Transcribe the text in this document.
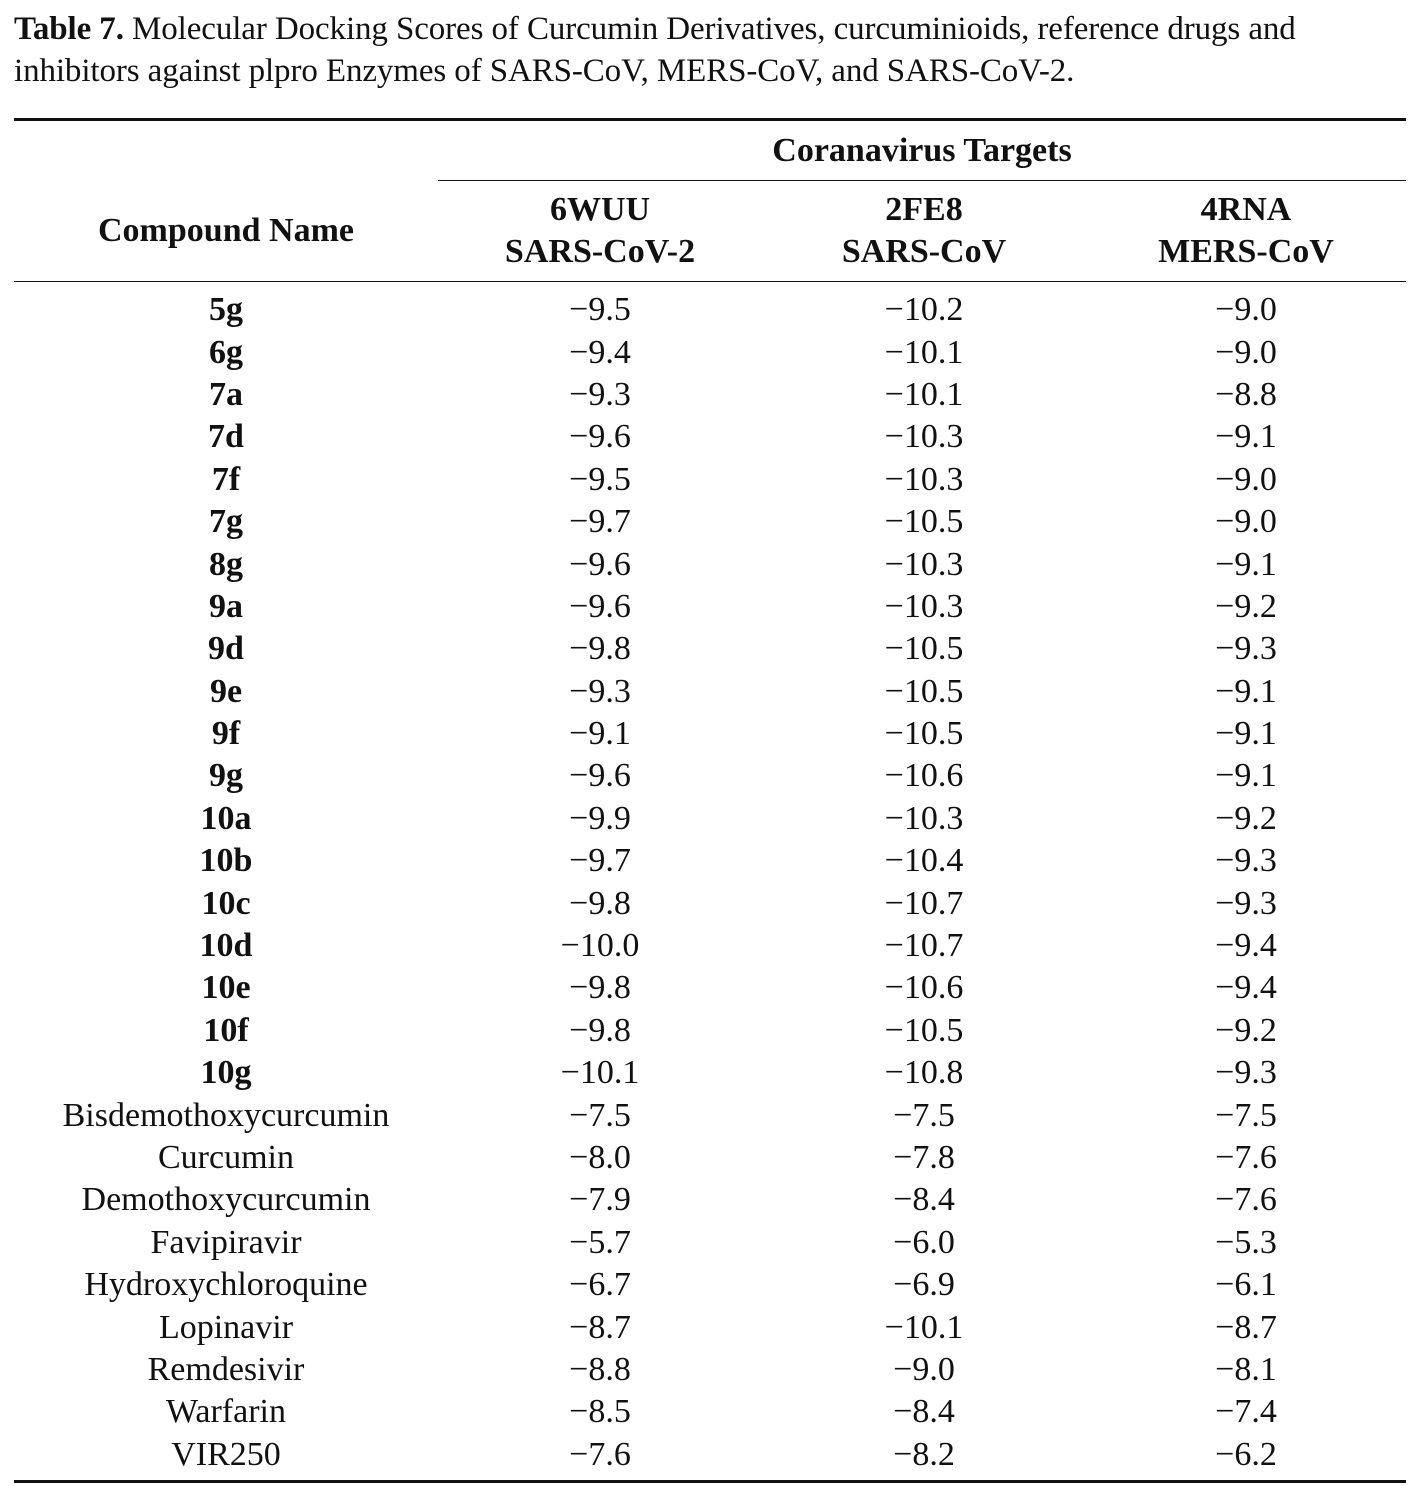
Table 7. Molecular Docking Scores of Curcumin Derivatives, curcuminioids, reference drugs and inhibitors against plpro Enzymes of SARS-CoV, MERS-CoV, and SARS-CoV-2.
Coranavirus Targets
Compound Name
6WUU
SARS-CoV-2
2FE8
SARS-CoV
4RNA
MERS-CoV
5g	−9.5	−10.2	−9.0
6g	−9.4	−10.1	−9.0
7a	−9.3	−10.1	−8.8
7d	−9.6	−10.3	−9.1
7f	−9.5	−10.3	−9.0
7g	−9.7	−10.5	−9.0
8g	−9.6	−10.3	−9.1
9a	−9.6	−10.3	−9.2
9d	−9.8	−10.5	−9.3
9e	−9.3	−10.5	−9.1
9f	−9.1	−10.5	−9.1
9g	−9.6	−10.6	−9.1
10a	−9.9	−10.3	−9.2
10b	−9.7	−10.4	−9.3
10c	−9.8	−10.7	−9.3
10d	−10.0	−10.7	−9.4
10e	−9.8	−10.6	−9.4
10f	−9.8	−10.5	−9.2
10g	−10.1	−10.8	−9.3
Bisdemothoxycurcumin	−7.5	−7.5	−7.5
Curcumin	−8.0	−7.8	−7.6
Demothoxycurcumin	−7.9	−8.4	−7.6
Favipiravir	−5.7	−6.0	−5.3
Hydroxychloroquine	−6.7	−6.9	−6.1
Lopinavir	−8.7	−10.1	−8.7
Remdesivir	−8.8	−9.0	−8.1
Warfarin	−8.5	−8.4	−7.4
VIR250	−7.6	−8.2	−6.2
